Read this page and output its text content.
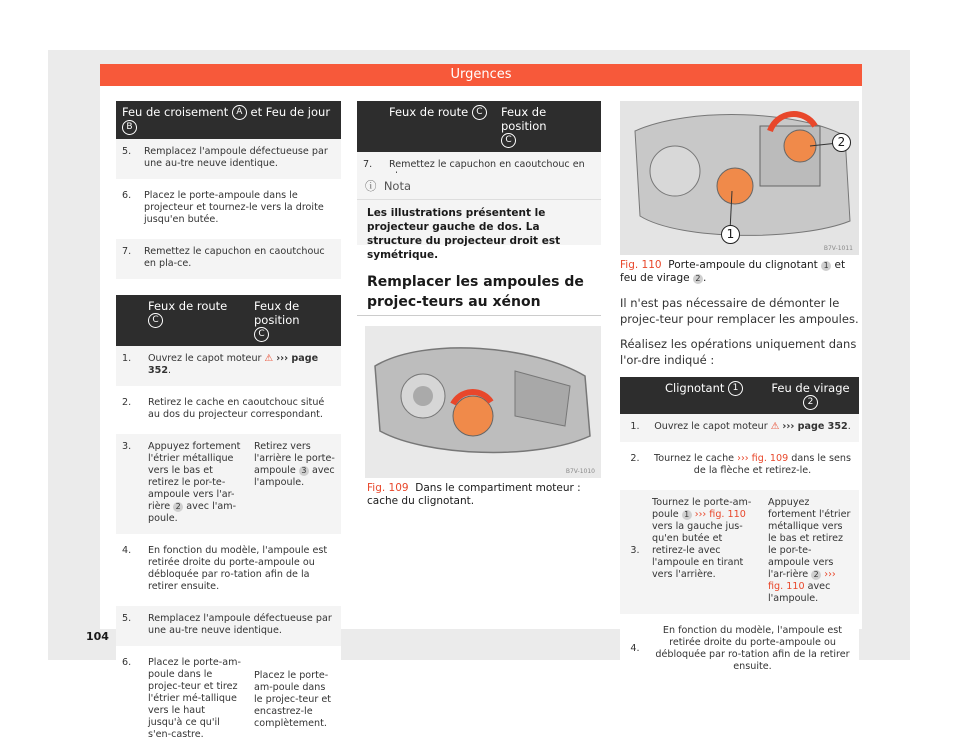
Urgences
Feu de croisement A et Feu de jour B	
5.	Remplacez l'ampoule défectueuse par une au-tre neuve identique.
6.	Placez le porte-ampoule dans le projecteur et tournez-le vers la droite jusqu'en butée.
7.	Remettez le capuchon en caoutchouc en pla-ce.
	Feux de route C	Feux de position
C
1.	Ouvrez le capot moteur ⚠ ››› page 352.	
2.	Retirez le cache en caoutchouc situé au dos du projecteur correspondant.	
3.	Appuyez fortement l'étrier métallique vers le bas et retirez le por-te-ampoule vers l'ar-rière 2 avec l'am-poule.	Retirez vers l'arrière le porte-ampoule 3 avec l'ampoule.
4.	En fonction du modèle, l'ampoule est retirée droite du porte-ampoule ou débloquée par ro-tation afin de la retirer ensuite.	
5.	Remplacez l'ampoule défectueuse par une au-tre neuve identique.	
6.	Placez le porte-am-poule dans le projec-teur et tirez l'étrier mé-tallique vers le haut jusqu'à ce qu'il s'en-castre.	Placez le porte-am-poule dans le projec-teur et encastrez-le complètement.
	Feux de route C	Feux de position
C
7.	Remettez le capuchon en caoutchouc en	
ⓘ Nota
Les illustrations présentent le projecteur gauche de dos. La structure du projecteur droit est symétrique.
Remplacer les ampoules de projec-teurs au xénon
B7V-1010
Fig. 109 Dans le compartiment moteur : cache du clignotant.
1
2
B7V-1011
Fig. 110 Porte-ampoule du clignotant 1 et feu de virage 2 .
Il n'est pas nécessaire de démonter le projec-teur pour remplacer les ampoules.
Réalisez les opérations uniquement dans l'or-dre indiqué :
	Clignotant 1	Feu de virage 2
1.	Ouvrez le capot moteur ⚠ ››› page 352.	
2.	Tournez le cache ››› fig. 109 dans le sens de la flèche et retirez-le.	
3.	Tournez le porte-am-poule 1 ››› fig. 110 vers la gauche jus-qu'en butée et retirez-le avec l'ampoule en tirant vers l'arrière.	Appuyez fortement l'étrier métallique vers le bas et retirez le por-te-ampoule vers l'ar-rière 2 ››› fig. 110 avec l'ampoule.
4.	En fonction du modèle, l'ampoule est retirée droite du porte-ampoule ou débloquée par ro-tation afin de la retirer ensuite.	
104
